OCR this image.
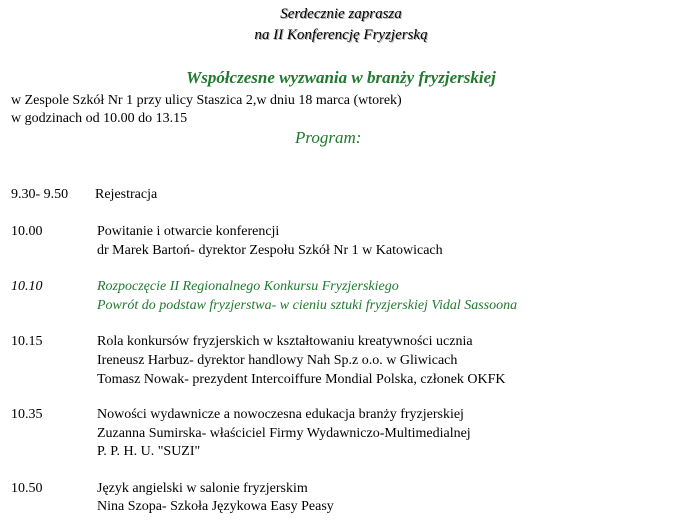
Serdecznie zaprasza
na II Konferencję Fryzjerską
Współczesne wyzwania w branży fryzjerskiej
w Zespole Szkół Nr 1 przy ulicy Staszica 2,w dniu 18 marca (wtorek)
w godzinach od 10.00 do 13.15
Program:
9.30- 9.50 Rejestracja
10.00	Powitanie i otwarcie konferencji
dr Marek Bartoń- dyrektor Zespołu Szkół Nr 1 w Katowicach
10.10	Rozpoczęcie II Regionalnego Konkursu Fryzjerskiego
Powrót do podstaw fryzjerstwa- w cieniu sztuki fryzjerskiej Vidal Sassoona
10.15	Rola konkursów fryzjerskich w kształtowaniu kreatywności ucznia
Ireneusz Harbuz- dyrektor handlowy Nah Sp.z o.o. w Gliwicach
Tomasz Nowak- prezydent Intercoiffure Mondial Polska, członek OKFK
10.35	Nowości wydawnicze a nowoczesna edukacja branży fryzjerskiej
Zuzanna Sumirska- właściciel Firmy Wydawniczo-Multimedialnej
P. P. H. U. "SUZI"
10.50	Język angielski w salonie fryzjerskim
Nina Szopa- Szkoła Językowa Easy Peasy
